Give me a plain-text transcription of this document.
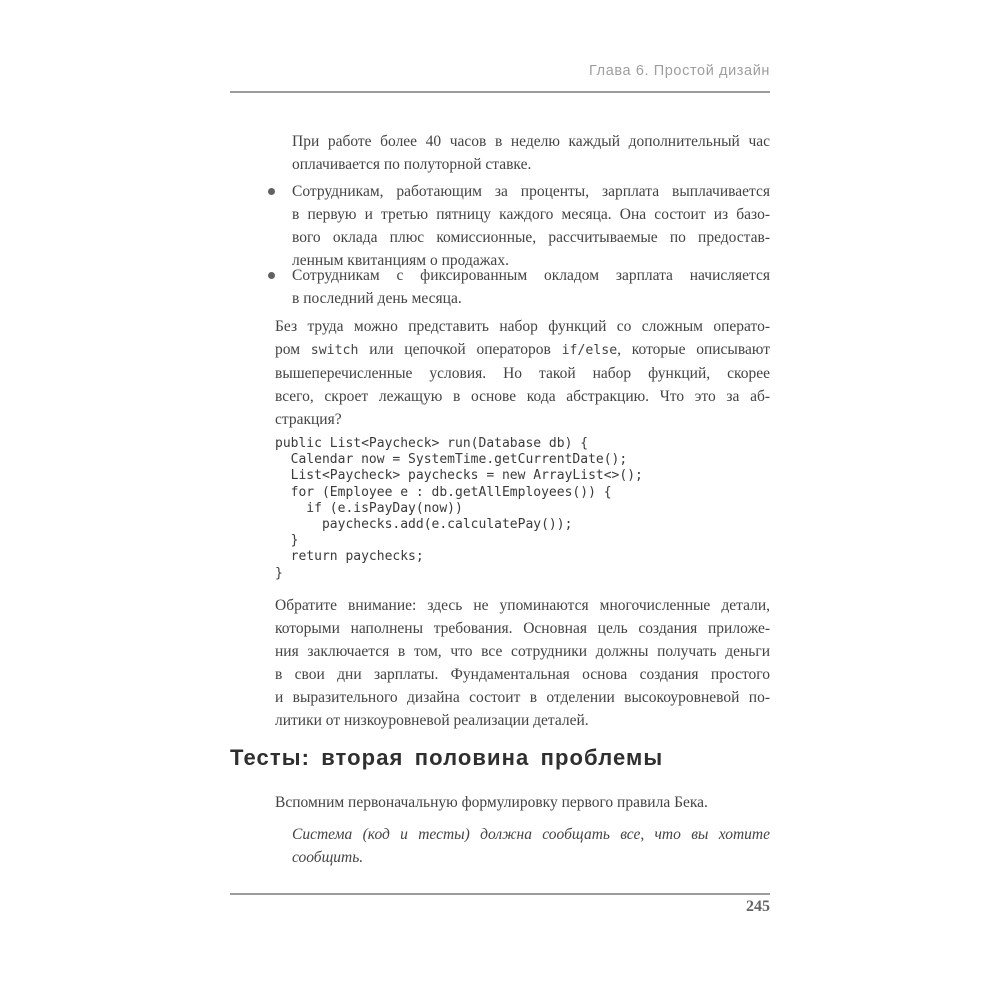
Глава 6. Простой дизайн
При работе более 40 часов в неделю каждый дополнительный час
оплачивается по полуторной ставке.
Сотрудникам, работающим за проценты, зарплата выплачивается
в первую и третью пятницу каждого месяца. Она состоит из базо-
вого оклада плюс комиссионные, рассчитываемые по предостав-
ленным квитанциям о продажах.
Сотрудникам с фиксированным окладом зарплата начисляется
в последний день месяца.
Без труда можно представить набор функций со сложным операто-
ром switch или цепочкой операторов if/else, которые описывают
вышеперечисленные условия. Но такой набор функций, скорее
всего, скроет лежащую в основе кода абстракцию. Что это за аб-
стракция?
public List<Paycheck> run(Database db) {
Calendar now = SystemTime.getCurrentDate();
List<Paycheck> paychecks = new ArrayList<>();
for (Employee e : db.getAllEmployees()) {
if (e.isPayDay(now))
paychecks.add(e.calculatePay());
}
return paychecks;
}
Обратите внимание: здесь не упоминаются многочисленные детали,
которыми наполнены требования. Основная цель создания приложе-
ния заключается в том, что все сотрудники должны получать деньги
в свои дни зарплаты. Фундаментальная основа создания простого
и выразительного дизайна состоит в отделении высокоуровневой по-
литики от низкоуровневой реализации деталей.
Тесты: вторая половина проблемы
Вспомним первоначальную формулировку первого правила Бека.
Система (код и тесты) должна сообщать все, что вы хотите
сообщить.
245
